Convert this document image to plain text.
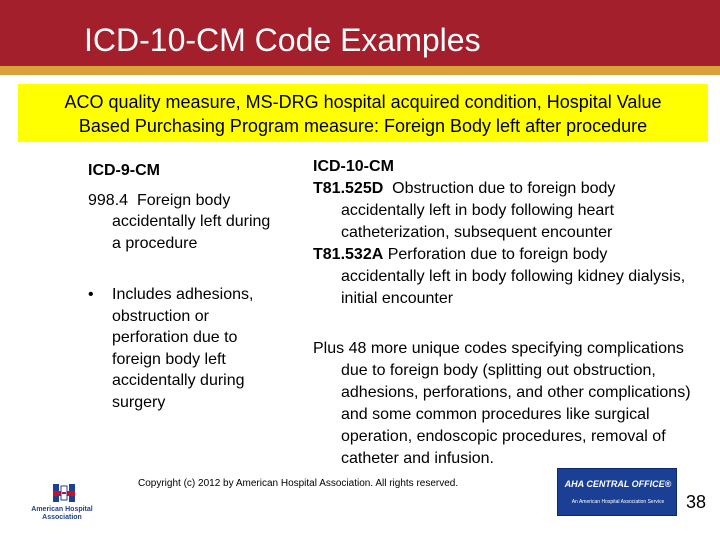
ICD-10-CM Code Examples
ACO quality measure, MS-DRG hospital acquired condition, Hospital Value
Based Purchasing Program measure: Foreign Body left after procedure
ICD-9-CM
998.4 Foreign body
accidentally left during a procedure
•	Includes adhesions, obstruction or perforation due to foreign body left accidentally during surgery
ICD-10-CM

T81.525D Obstruction due to foreign body accidentally left in body following heart catheterization, subsequent encounter

T81.532A Perforation due to foreign body accidentally left in body following kidney dialysis, initial encounter

Plus 48 more unique codes specifying complications due to foreign body (splitting out obstruction, adhesions, perforations, and other complications) and some common procedures like surgical operation, endoscopic procedures, removal of catheter and infusion.

American Hospital Association
Copyright (c) 2012 by American Hospital Association. All rights reserved.	AHA CENTRAL OFFICE®
An American Hospital Association Service	38
